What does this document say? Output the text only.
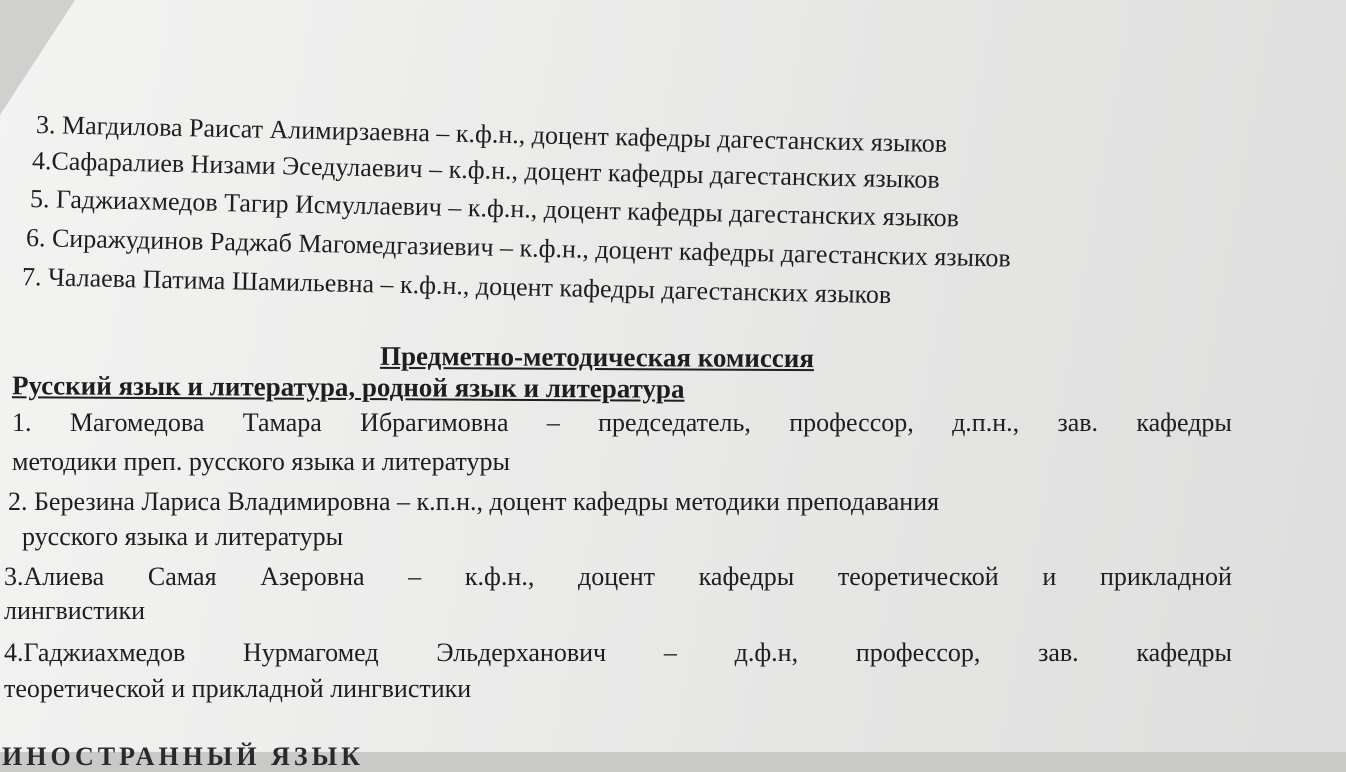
3. Магдилова Раисат Алимирзаевна – к.ф.н., доцент кафедры дагестанских языков
4.Сафаралиев Низами Эседулаевич – к.ф.н., доцент кафедры дагестанских языков
5. Гаджиахмедов Тагир Исмуллаевич – к.ф.н., доцент кафедры дагестанских языков
6. Сиражудинов Раджаб Магомедгазиевич – к.ф.н., доцент кафедры дагестанских языков
7. Чалаева Патима Шамильевна – к.ф.н., доцент кафедры дагестанских языков
Предметно-методическая комиссия
Русский язык и литература, родной язык и литература
1. Магомедова Тамара Ибрагимовна – председатель, профессор, д.п.н., зав. кафедры
методики преп. русского языка и литературы
2. Березина Лариса Владимировна – к.п.н., доцент кафедры методики преподавания
русского языка и литературы
3.Алиева Самая Азеровна – к.ф.н., доцент кафедры теоретической и прикладной
лингвистики
4.Гаджиахмедов Нурмагомед Эльдерханович – д.ф.н, профессор, зав. кафедры
теоретической и прикладной лингвистики
ИНОСТРАННЫЙ ЯЗЫК
